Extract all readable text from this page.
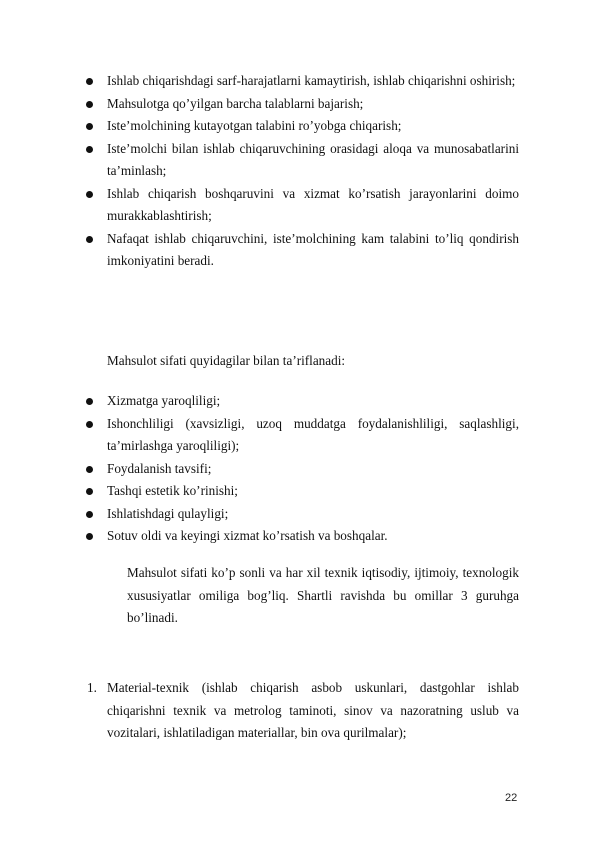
Ishlab chiqarishdagi sarf-harajatlarni kamaytirish, ishlab chiqarishni oshirish;
Mahsulotga qo’yilgan barcha talablarni bajarish;
Iste’molchining kutayotgan talabini ro’yobga chiqarish;
Iste’molchi bilan ishlab chiqaruvchining orasidagi aloqa va munosabatlarini ta’minlash;
Ishlab chiqarish boshqaruvini va xizmat ko’rsatish jarayonlarini doimo murakkablashtirish;
Nafaqat ishlab chiqaruvchini, iste’molchining kam talabini to’liq qondirish imkoniyatini beradi.
Mahsulot sifati quyidagilar bilan ta’riflanadi:
Xizmatga yaroqliligi;
Ishonchliligi (xavsizligi, uzoq muddatga foydalanishliligi, saqlashligi, ta’mirlashga yaroqliligi);
Foydalanish tavsifi;
Tashqi estetik ko’rinishi;
Ishlatishdagi qulayligi;
Sotuv oldi va keyingi xizmat ko’rsatish va boshqalar.
Mahsulot sifati ko’p sonli va har xil texnik iqtisodiy, ijtimoiy, texnologik xususiyatlar omiliga bog’liq. Shartli ravishda bu omillar 3 guruhga bo’linadi.
1. Material-texnik (ishlab chiqarish asbob uskunlari, dastgohlar ishlab chiqarishni texnik va metrolog taminoti, sinov va nazoratning uslub va vozitalari, ishlatiladigan materiallar, bin ova qurilmalar);
22
